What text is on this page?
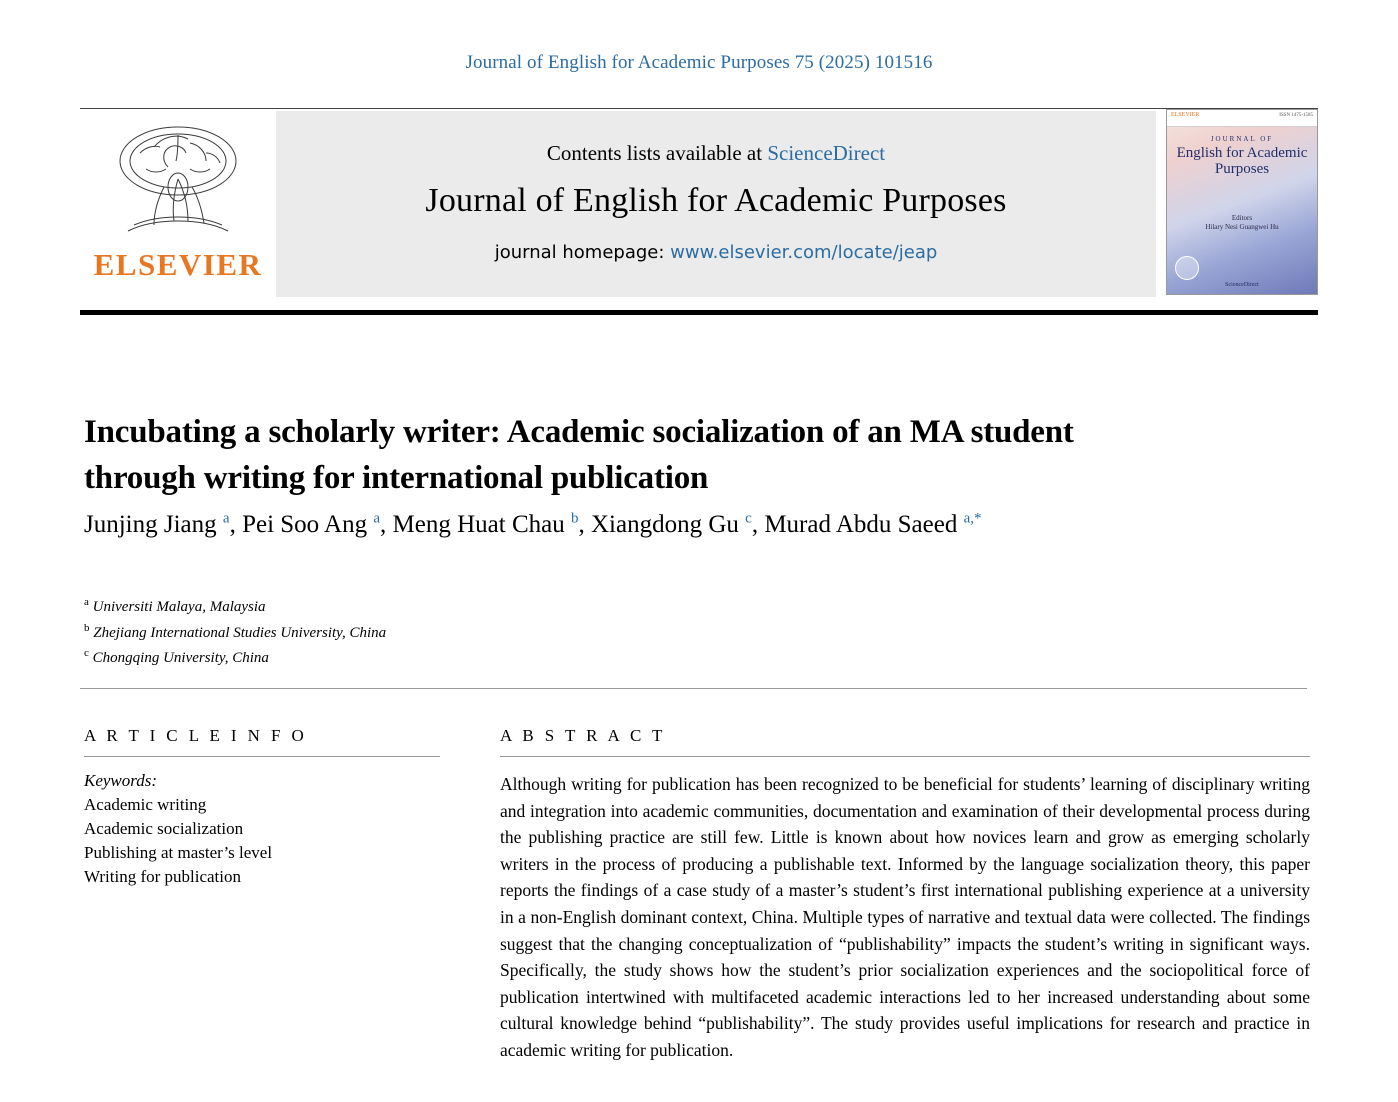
Journal of English for Academic Purposes 75 (2025) 101516
ELSEVIER
Contents lists available at ScienceDirect
Journal of English for Academic Purposes
journal homepage: www.elsevier.com/locate/jeap
ELSEVIER	ISSN 1475-1585
JOURNAL OF
English for Academic Purposes
Editors
Hilary Nesi Guangwei Hu
ScienceDirect
Incubating a scholarly writer: Academic socialization of an MA student through writing for international publication
Junjing Jiang $^a$, Pei Soo Ang $^a$, Meng Huat Chau $^b$, Xiangdong Gu $^c$, Murad Abdu Saeed $^{a,*}$
$^a$ Universiti Malaya, Malaysia
$^b$ Zhejiang International Studies University, China
$^c$ Chongqing University, China
A R T I C L E I N F O
Keywords:
Academic writing
Academic socialization
Publishing at master’s level
Writing for publication
A B S T R A C T
Although writing for publication has been recognized to be beneficial for students’ learning of disciplinary writing and integration into academic communities, documentation and examination of their developmental process during the publishing practice are still few. Little is known about how novices learn and grow as emerging scholarly writers in the process of producing a publishable text. Informed by the language socialization theory, this paper reports the findings of a case study of a master’s student’s first international publishing experience at a university in a non-English dominant context, China. Multiple types of narrative and textual data were collected. The findings suggest that the changing conceptualization of “publishability” impacts the student’s writing in significant ways. Specifically, the study shows how the student’s prior socialization experiences and the sociopolitical force of publication intertwined with multifaceted academic interactions led to her increased understanding about some cultural knowledge behind “publishability”. The study provides useful implications for research and practice in academic writing for publication.
